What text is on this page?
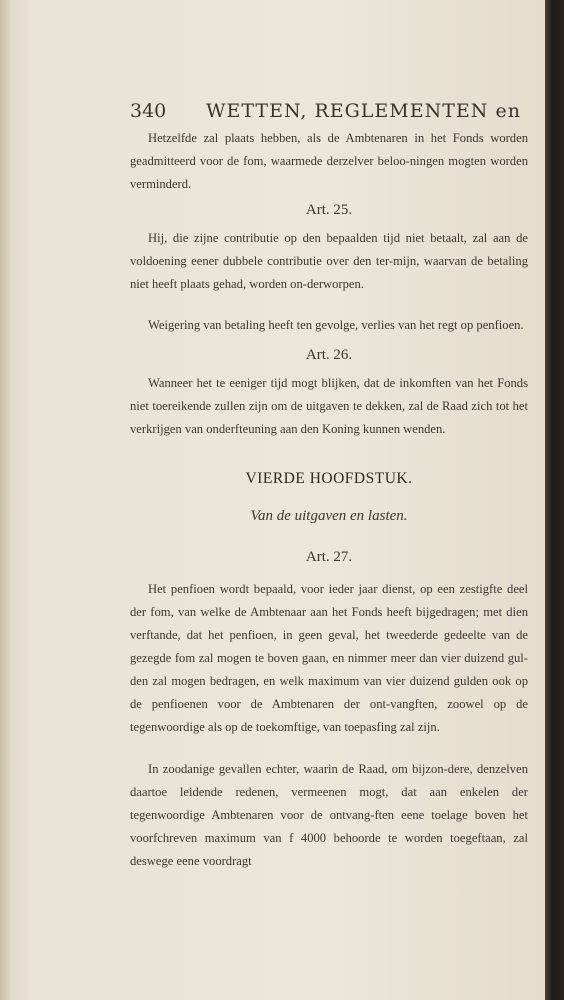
340 WETTEN, REGLEMENTEN en

Hetzelfde zal plaats hebben, als de Ambtenaren in het Fonds worden geadmitteerd voor de fom, waarmede derzelver beloo-ningen mogten worden verminderd.

Art. 25.

Hij, die zijne contributie op den bepaalden tijd niet betaalt, zal aan de voldoening eener dubbele contributie over den ter-mijn, waarvan de betaling niet heeft plaats gehad, worden on-derworpen.

Weigering van betaling heeft ten gevolge, verlies van het regt op penfioen.

Art. 26.

Wanneer het te eeniger tijd mogt blijken, dat de inkomften van het Fonds niet toereikende zullen zijn om de uitgaven te dekken, zal de Raad zich tot het verkrijgen van onderfteuning aan den Koning kunnen wenden.

VIERDE HOOFDSTUK.

Van de uitgaven en lasten.

Art. 27.

Het penfioen wordt bepaald, voor ieder jaar dienst, op een zestigfte deel der fom, van welke de Ambtenaar aan het Fonds heeft bijgedragen; met dien verftande, dat het penfioen, in geen geval, het tweederde gedeelte van de gezegde fom zal mogen te boven gaan, en nimmer meer dan vier duizend gul-den zal mogen bedragen, en welk maximum van vier duizend gulden ook op de penfioenen voor de Ambtenaren der ont-vangften, zoowel op de tegenwoordige als op de toekomftige, van toepasfing zal zijn.

In zoodanige gevallen echter, waarin de Raad, om bijzon-dere, denzelven daartoe leidende redenen, vermeenen mogt, dat aan enkelen der tegenwoordige Ambtenaren voor de ontvang-ften eene toelage boven het voorfchreven maximum van f 4000 behoorde te worden toegeftaan, zal deswege eene voordragt
